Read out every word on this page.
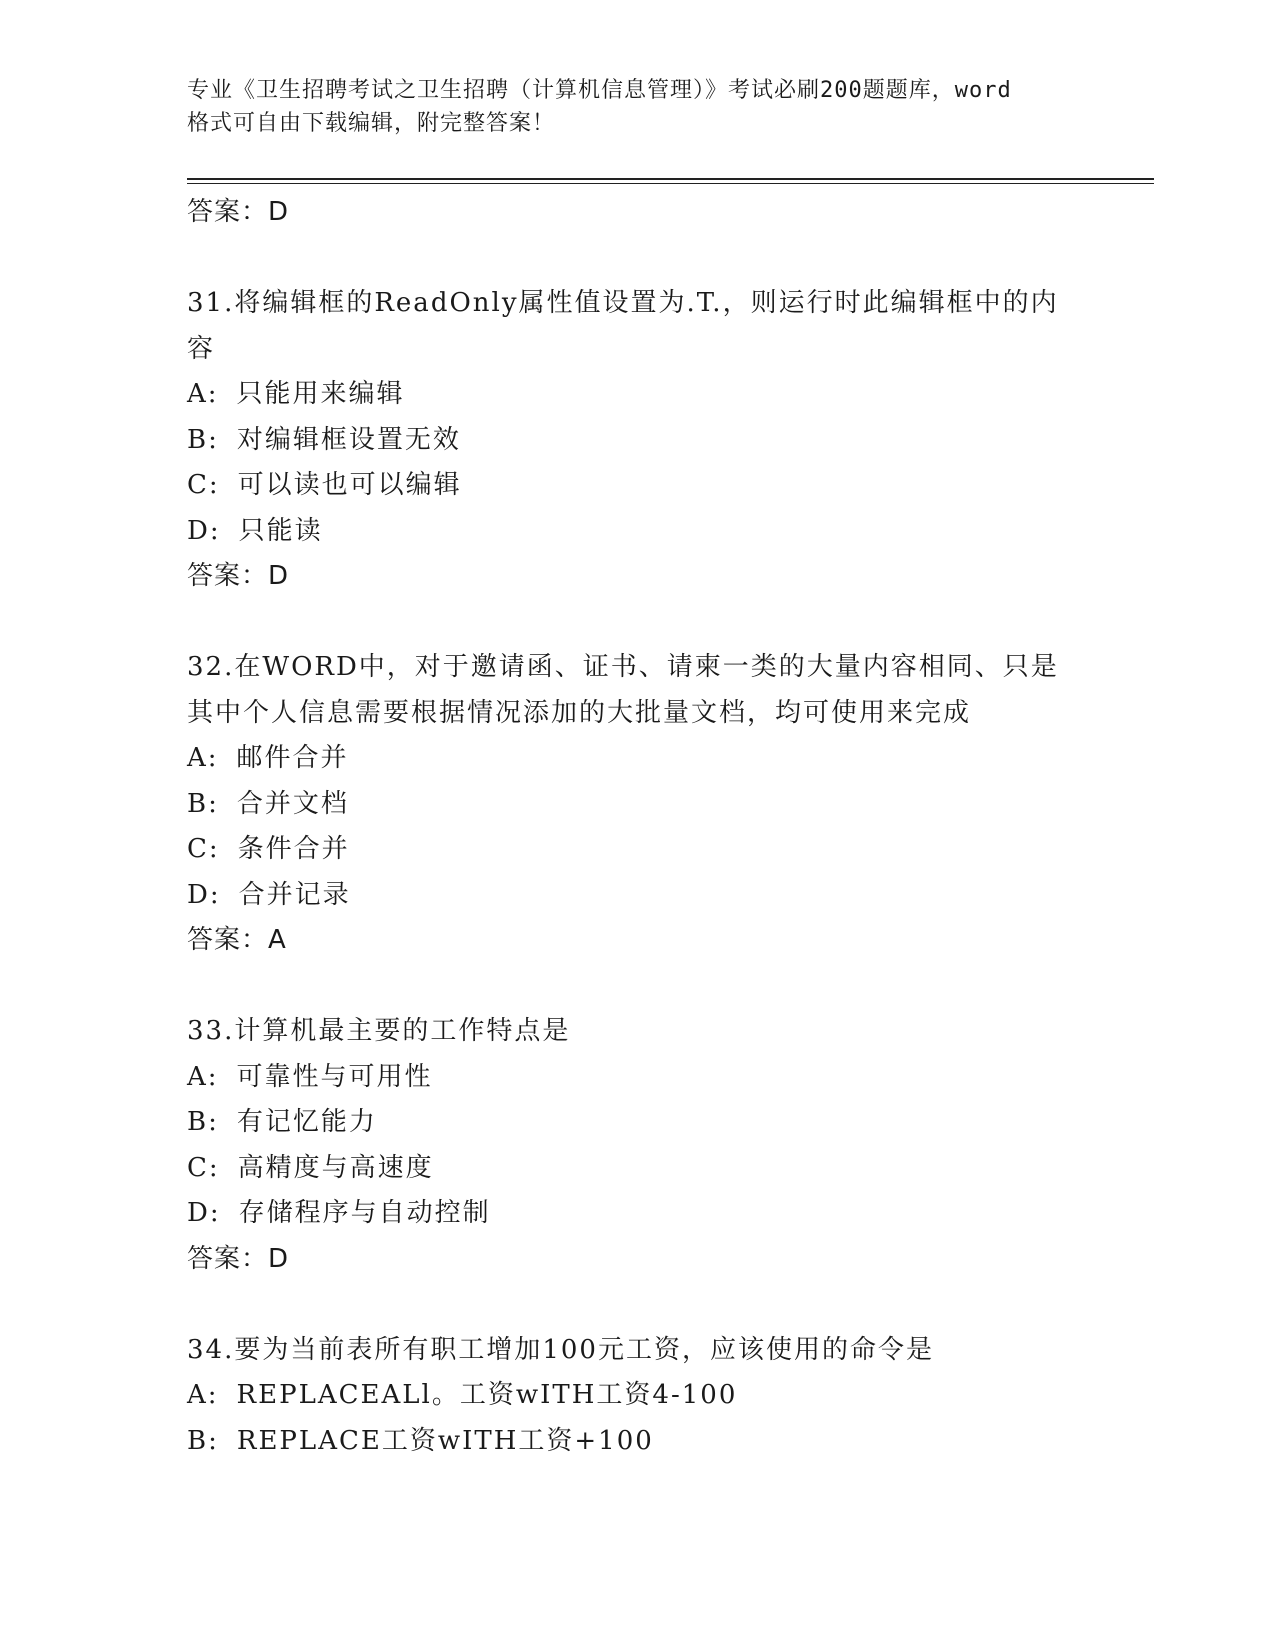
专业《卫生招聘考试之卫生招聘（计算机信息管理）》考试必刷200题题库，word
格式可自由下载编辑，附完整答案！
答案：D
31.将编辑框的ReadOnly属性值设置为.T.，则运行时此编辑框中的内
容
A: 只能用来编辑
B: 对编辑框设置无效
C: 可以读也可以编辑
D: 只能读
答案：D
32.在WORD中，对于邀请函、证书、请柬一类的大量内容相同、只是
其中个人信息需要根据情况添加的大批量文档，均可使用来完成
A: 邮件合并
B: 合并文档
C: 条件合并
D: 合并记录
答案：A
33.计算机最主要的工作特点是
A: 可靠性与可用性
B: 有记忆能力
C: 高精度与高速度
D: 存储程序与自动控制
答案：D
34.要为当前表所有职工增加100元工资，应该使用的命令是
A: REPLACEALl。工资wITH工资4-100
B: REPLACE工资wITH工资+100
